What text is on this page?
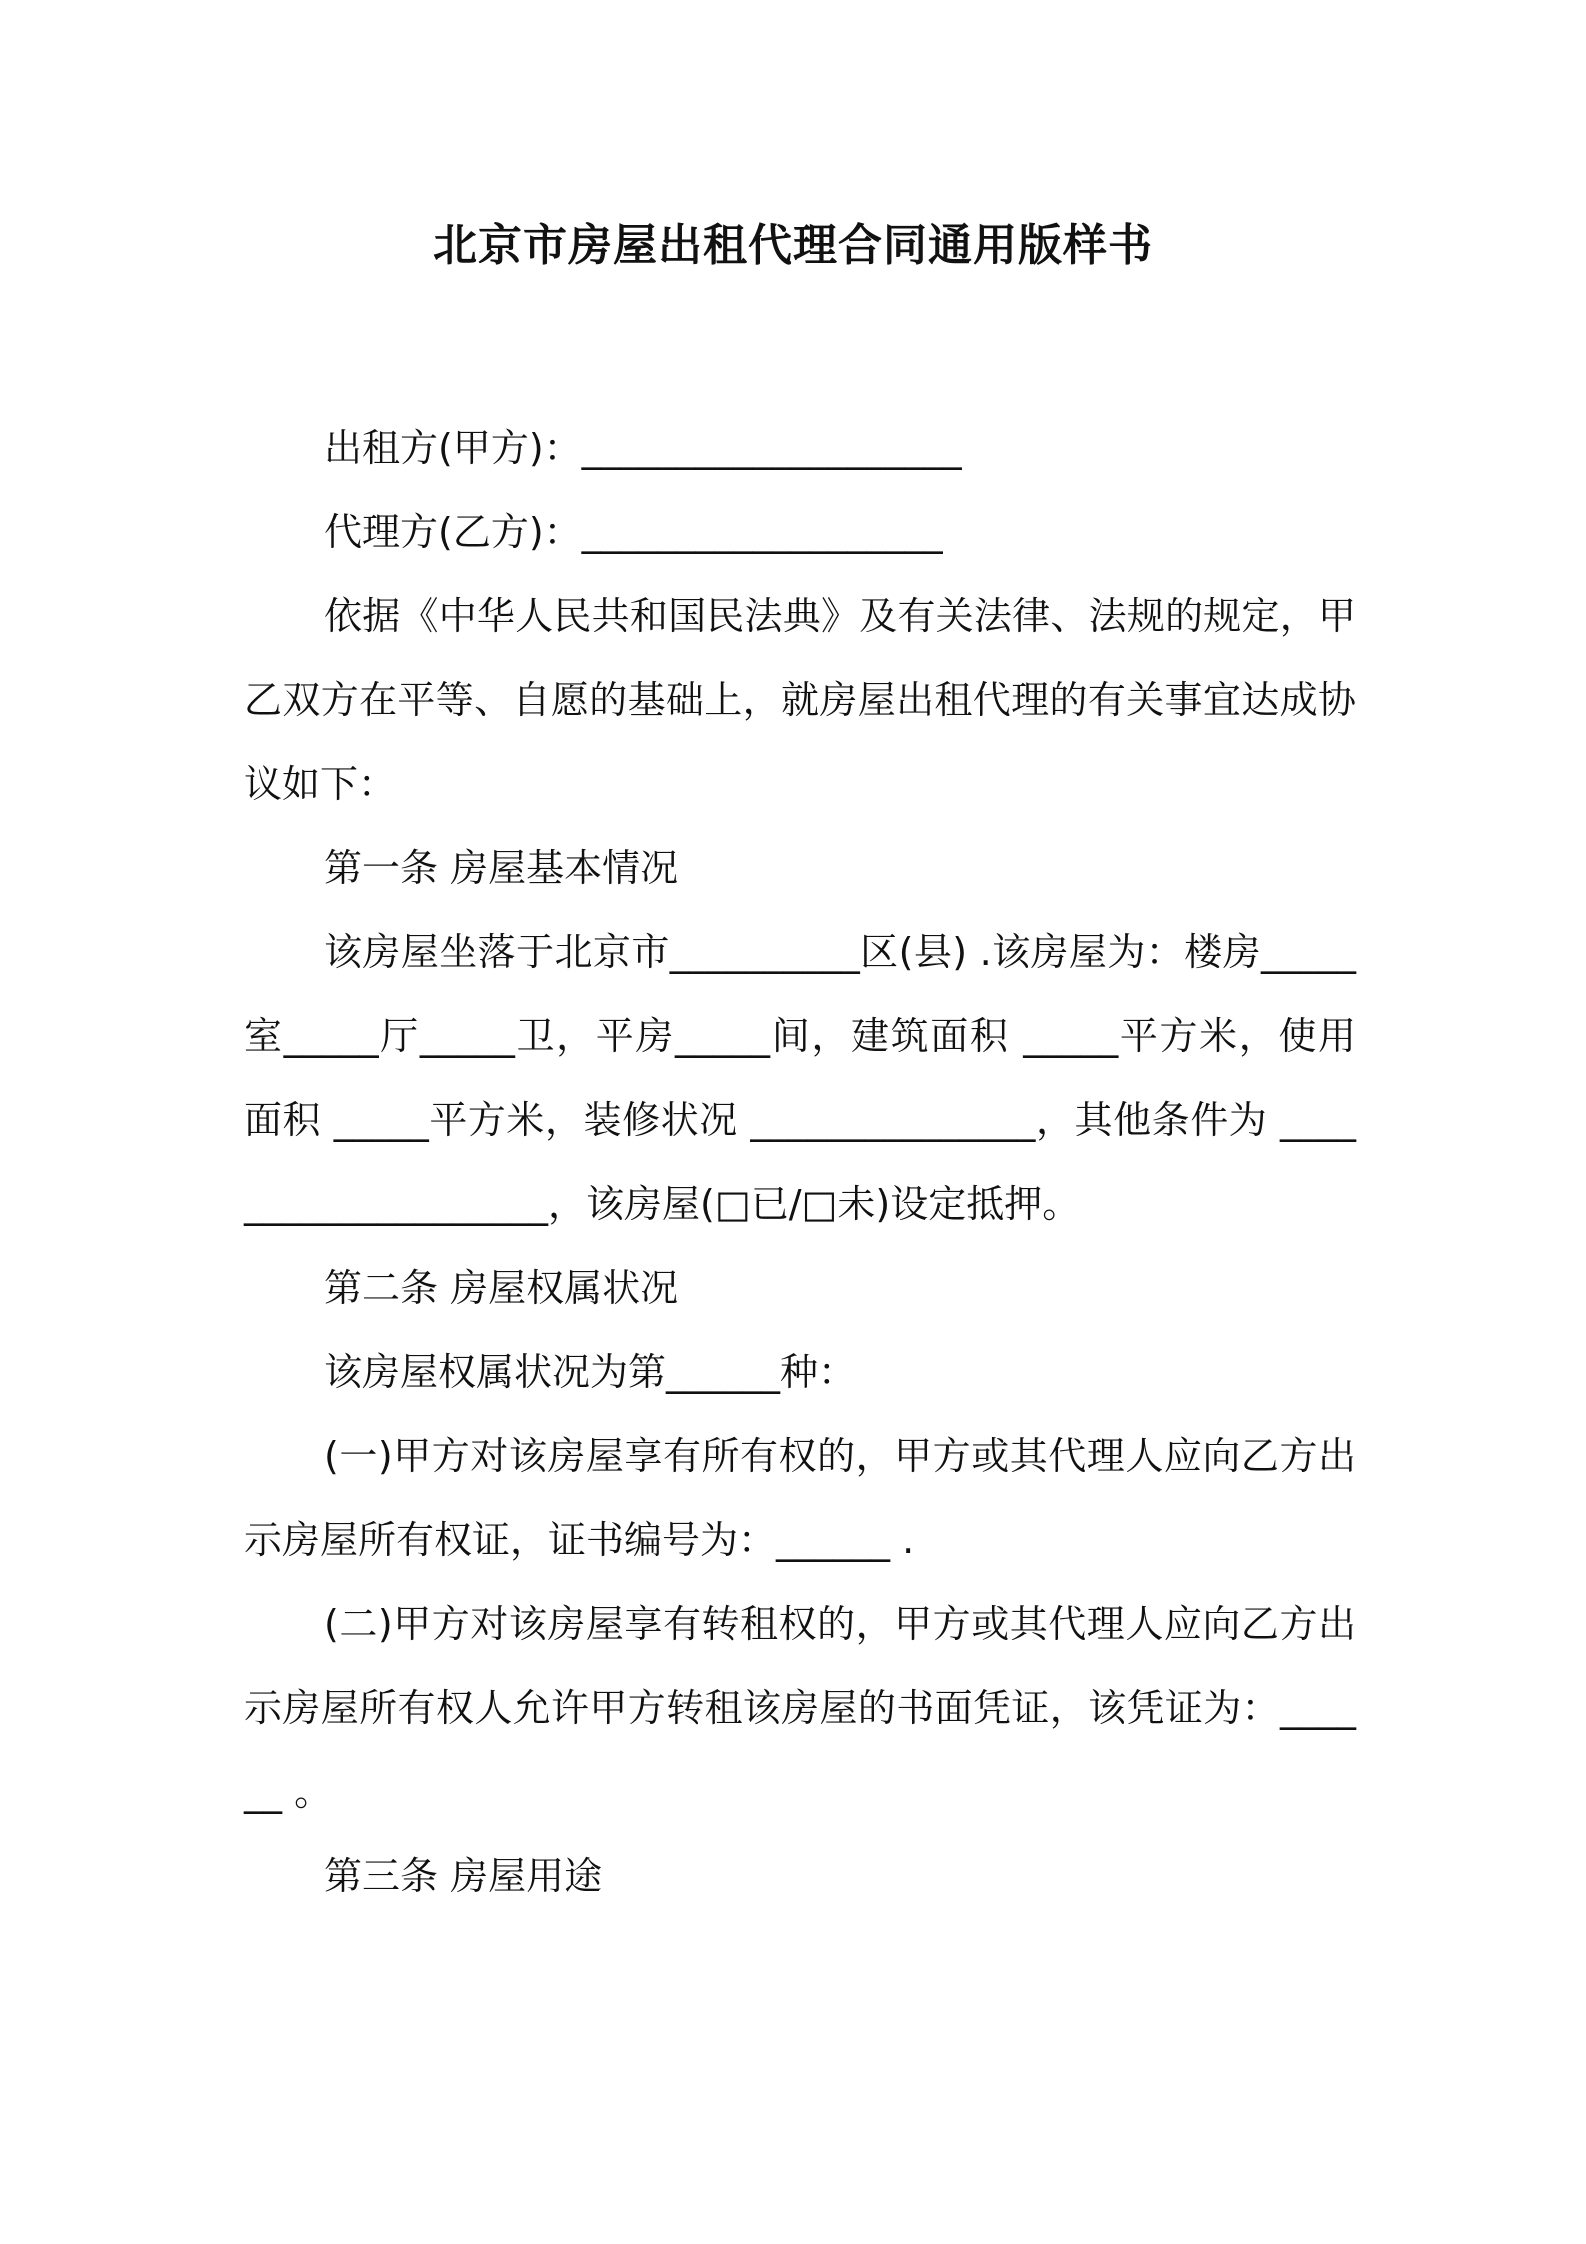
北京市房屋出租代理合同通用版样书

出租方(甲方)：____________________

代理方(乙方)：___________________

依据《中华人民共和国民法典》及有关法律、法规的规定，甲乙双方在平等、自愿的基础上，就房屋出租代理的有关事宜达成协议如下：

第一条 房屋基本情况

该房屋坐落于北京市__________区(县) .该房屋为：楼房_____室_____厅_____卫，平房_____间，建筑面积 _____平方米，使用面积 _____平方米，装修状况 _______________，其他条件为 ____________________，该房屋(□已/□未)设定抵押。

第二条 房屋权属状况

该房屋权属状况为第______种：

(一)甲方对该房屋享有所有权的，甲方或其代理人应向乙方出示房屋所有权证，证书编号为：______ .

(二)甲方对该房屋享有转租权的，甲方或其代理人应向乙方出示房屋所有权人允许甲方转租该房屋的书面凭证，该凭证为：______ 。

第三条 房屋用途
